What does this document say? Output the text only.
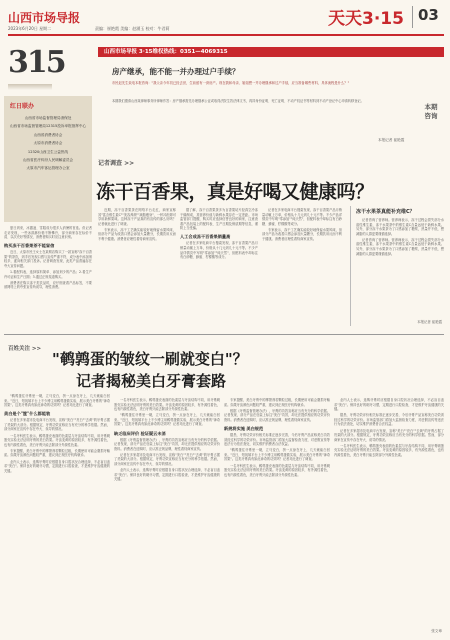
山西市场导报
2023年6月20日 星期二	责编：崔艳霞 美编：赵涵玉 校对：牛君莉	天天3·15 03
315
红日联办
山西省市场监督管理局消保处
山西省市场监督管理局12315投诉举报指挥中心
山西省消费者协会
太原市消费者协会
12320山西卫生公益热线
山西省医疗纠纷人民调解委员会
太原市汽车客运管理办公室

夏日到来，冰激凌、雪糕成为很多人消暑的首选。但记者走访发现，一些冰淇淋价格不断攀升，部分商家存在标价不清、以次充好等情况，消费者购买时应注意识别。

购买冻干百香果茶不能盲信

近日，太原市民王女士在某网店购买了一款宣称"冻干百香果"的茶饮，到手后发现口感与宣传严重不符，成分表中添加剂较多，遂向相关部门投诉。记者调查发现，此类产品普遍存在夸大宣传问题。

1.看配料表，选择原料简单、添加剂少的产品；2.看生产许可证和生产日期；3.通过正规渠道购买。

消费者在购买冻干类饮品时，应仔细查看产品标签，不要被网络上的夸张宣传所误导，理性消费。

山西市场导报 3·15维权热线：0351—4069315
房产继承，能不能一并办理过户手续？
市民赵先生致电本报咨询："我父亲今年初已经去世，生前留有一套房产。现在我和母亲、姐姐想一并办理继承和过户手续，应当准备哪些材料，具体流程是什么？"
本期我们邀请山西某律师事务所律师作答：房产继承需先办理继承公证或取得法院生效法律文书，再持身份证明、死亡证明、不动产权证书等材料到不动产登记中心申请转移登记。
本报记者 崔艳霞
本期
咨询
记者调查 >>
冻干百香果，真是好喝又健康吗？

近期，冻干百香果茶在网络平台走红，商家宣称其"富含维生素C""美容养颜""减脂瘦身"，一杯冲泡即可享用新鲜果味。这种冻干产品真的有宣传的那么好吗？记者就此进行了调查。

专家表示，冻干工艺确实能较好地保留水果风味，但部分产品为改善口感会添加大量糖分，长期饮用反而不利于健康。消费者应理性看待商家宣传。

据了解，冻干百香果茶多为百香果切片经真空冷冻干燥制成，其营养价值与新鲜水果存在一定差距。市场监管部门提醒，购买时应选择信誉良好的商家，注意查看产品包装上的配料表、生产日期及保质期等信息，谨防上当受骗。

人工合成冻干百香果销量高

记者在多家电商平台搜索发现，冻干百香果产品月销量动辄上万单，价格从十几元到几十元不等。不少产品详情页中写明"零添加""纯天然"，但配料表中却标注有白砂糖、蜂蜜、柠檬酸等成分。

记者在多家电商平台搜索发现，冻干百香果产品月销量动辄上万单，价格从十几元到几十元不等。不少产品详情页中写明"零添加""纯天然"，但配料表中却标注有白砂糖、蜂蜜、柠檬酸等成分。

专家表示，冻干工艺确实能较好地保留水果风味，但部分产品为改善口感会添加大量糖分，长期饮用反而不利于健康。消费者应理性看待商家宣传。

冻干水果茶真能补充维C？

记者咨询了营养师。营养师表示，冻干过程会损失部分水溶性维生素，冻干水果茶中的维生素C含量远低于新鲜水果。另外，部分冻干水果茶为了口感添加了糖浆，热量并不低，想减脂的人群更要谨慎选择。

记者咨询了营养师。营养师表示，冻干过程会损失部分水溶性维生素，冻干水果茶中的维生素C含量远低于新鲜水果。另外，部分冻干水果茶为了口感添加了糖浆，热量并不低，想减脂的人群更要谨慎选择。

本报记者 崔艳霞
百姓关注 >>
"鹌鹑蛋的皱纹一刷就变白"？
记者揭秘美白牙膏套路

"鹌鹑蛋往牙膏里一刷，立马变白，挤一点涂在牙上，几天就能白回来。"近日，短视频平台上不少博主用鹌鹑蛋做实验，展示美白牙膏的"神奇效果"。这类牙膏真有如此神奇的功效吗？记者对此进行了调查。

美白是个"筐"什么都能装

记者在多家超市及电商平台发现，宣称"美白""亮白""去黄"的牙膏占据了货架的大部分。根据规定，牙膏功效宣称应当有充分的科学依据。然而，部分商家在宣传中存在夸大、误导的情况。

一名牙科医生表示，鹌鹑蛋壳表面的色素层与牙齿结构不同，用牙膏刷蛋壳实验无法证明牙膏的美白效果。牙齿变黄的原因较多，有外源性着色，也有内源性着色，美白牙膏只能去除部分外源性色素。

专家提醒，美白牙膏中的摩擦剂若颗粒过粗，长期使用可能会磨损牙釉质。如果牙齿颜色问题较严重，建议到正规医疗机构就诊。

业内人士表示，选购牙膏时应根据自身口腔状况合理选择，不必盲目追求"美白"。保持良好的刷牙习惯，定期进行口腔检查，才是维护牙齿健康的关键。

一名牙科医生表示，鹌鹑蛋壳表面的色素层与牙齿结构不同，用牙膏刷蛋壳实验无法证明牙膏的美白效果。牙齿变黄的原因较多，有外源性着色，也有内源性着色，美白牙膏只能去除部分外源性色素。

"鹌鹑蛋往牙膏里一刷，立马变白，挤一点涂在牙上，几天就能白回来。"近日，短视频平台上不少博主用鹌鹑蛋做实验，展示美白牙膏的"神奇效果"。这类牙膏真有如此神奇的功效吗？记者对此进行了调查。

缺乏临床评价 验证疑云未消

根据《牙膏监督管理办法》，牙膏的功效宣称应当有充分的科学依据。记者发现，部分产品在包装上标注"美白"功效，却无法提供相应的功效评价资料。消费者在选购时，应认准正规品牌，理性看待商家宣传。

记者在多家超市及电商平台发现，宣称"美白""亮白""去黄"的牙膏占据了货架的大部分。根据规定，牙膏功效宣称应当有充分的科学依据。然而，部分商家在宣传中存在夸大、误导的情况。

业内人士表示，选购牙膏时应根据自身口腔状况合理选择，不必盲目追求"美白"。保持良好的刷牙习惯，定期进行口腔检查，才是维护牙齿健康的关键。

专家提醒，美白牙膏中的摩擦剂若颗粒过粗，长期使用可能会磨损牙釉质。如果牙齿颜色问题较严重，建议到正规医疗机构就诊。

根据《牙膏监督管理办法》，牙膏的功效宣称应当有充分的科学依据。记者发现，部分产品在包装上标注"美白"功效，却无法提供相应的功效评价资料。消费者在选购时，应认准正规品牌，理性看待商家宣传。

新规将实施 美白规范

据悉，牙膏功效评价相关标准正逐步完善，今后牙膏产品宣称美白功效须经过科学的功效评价。市场监管部门将加大监督检查力度，对虚假宣传等违法行为依法查处，切实维护消费者合法权益。

"鹌鹑蛋往牙膏里一刷，立马变白，挤一点涂在牙上，几天就能白回来。"近日，短视频平台上不少博主用鹌鹑蛋做实验，展示美白牙膏的"神奇效果"。这类牙膏真有如此神奇的功效吗？记者对此进行了调查。

一名牙科医生表示，鹌鹑蛋壳表面的色素层与牙齿结构不同，用牙膏刷蛋壳实验无法证明牙膏的美白效果。牙齿变黄的原因较多，有外源性着色，也有内源性着色，美白牙膏只能去除部分外源性色素。

业内人士表示，选购牙膏时应根据自身口腔状况合理选择，不必盲目追求"美白"。保持良好的刷牙习惯，定期进行口腔检查，才是维护牙齿健康的关键。

据悉，牙膏功效评价相关标准正逐步完善，今后牙膏产品宣称美白功效须经过科学的功效评价。市场监管部门将加大监督检查力度，对虚假宣传等违法行为依法查处，切实维护消费者合法权益。

记者在多家超市及电商平台发现，宣称"美白""亮白""去黄"的牙膏占据了货架的大部分。根据规定，牙膏功效宣称应当有充分的科学依据。然而，部分商家在宣传中存在夸大、误导的情况。

一名牙科医生表示，鹌鹑蛋壳表面的色素层与牙齿结构不同，用牙膏刷蛋壳实验无法证明牙膏的美白效果。牙齿变黄的原因较多，有外源性着色，也有内源性着色，美白牙膏只能去除部分外源性色素。

张文章
